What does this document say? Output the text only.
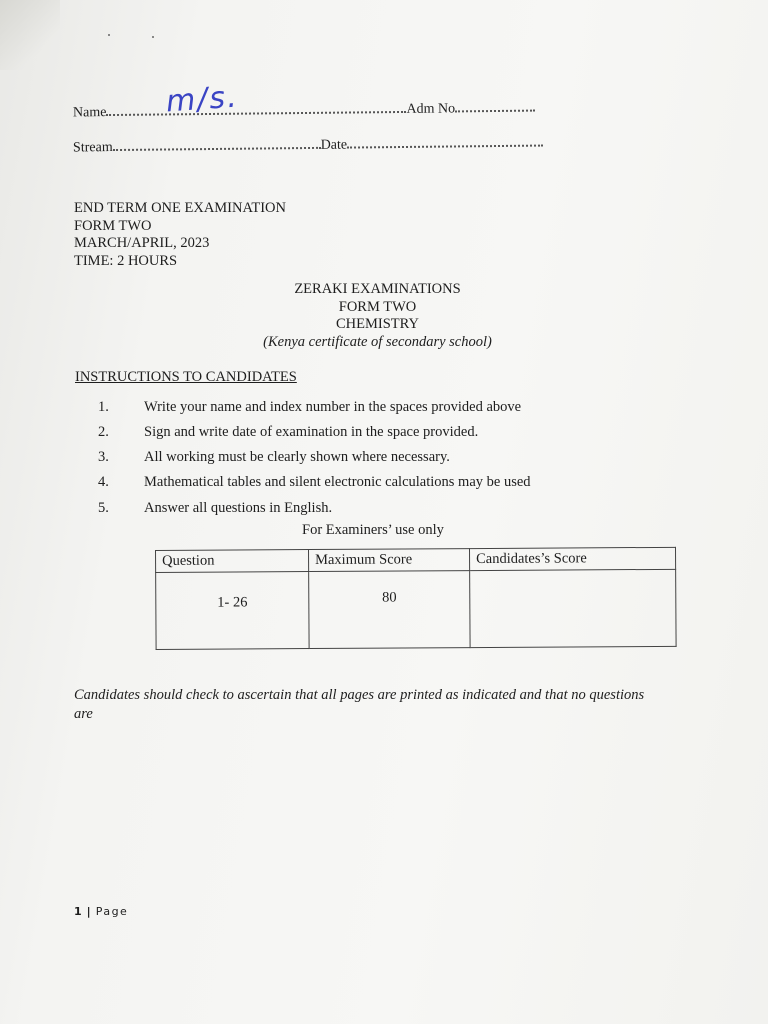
Name	Adm No
m/s.
Stream	Date
END TERM ONE EXAMINATION
FORM TWO
MARCH/APRIL, 2023
TIME: 2 HOURS
ZERAKI EXAMINATIONS
FORM TWO
CHEMISTRY
(Kenya certificate of secondary school)
INSTRUCTIONS TO CANDIDATES
1. Write your name and index number in the spaces provided above
2. Sign and write date of examination in the space provided.
3. All working must be clearly shown where necessary.
4. Mathematical tables and silent electronic calculations may be used
5. Answer all questions in English.
For Examiners’ use only
Question	Maximum Score	Candidates’s Score
1- 26	80	
Candidates should check to ascertain that all pages are printed as indicated and that no questions are
1 | Page
